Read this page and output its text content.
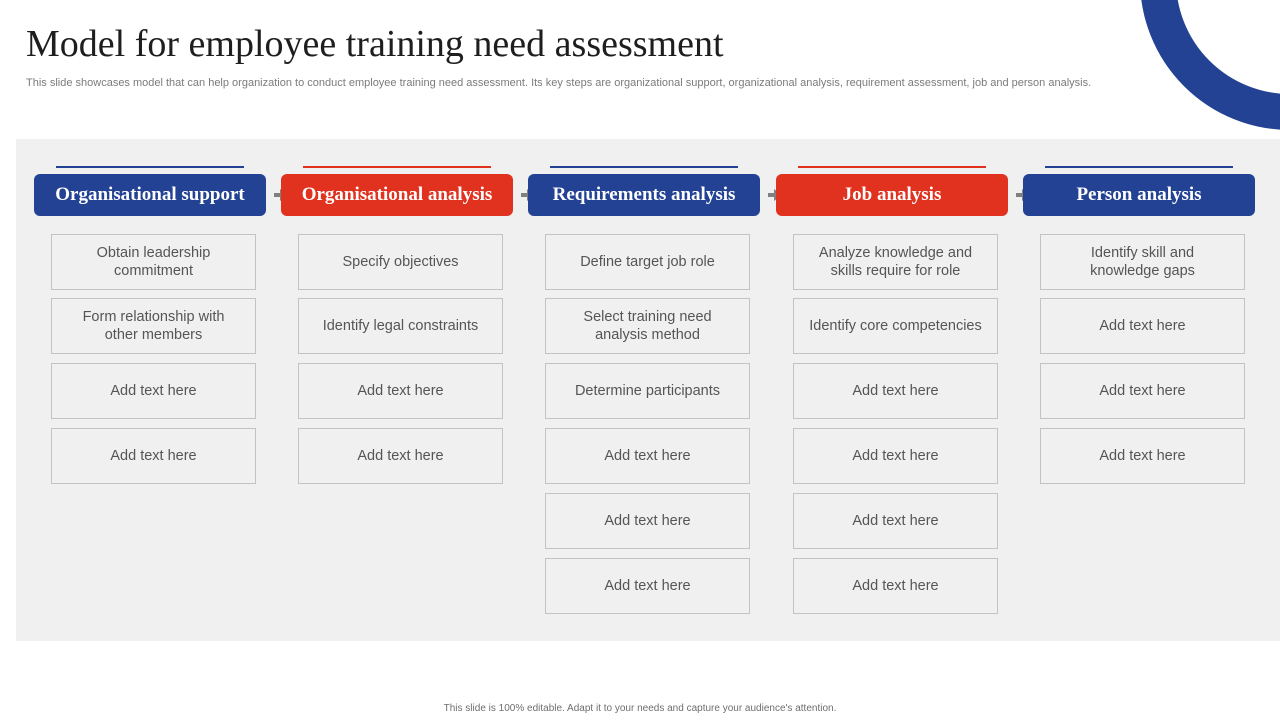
Model for employee training need assessment

This slide showcases model that can help organization to conduct employee training need assessment. Its key steps are organizational support, organizational analysis, requirement assessment, job and person analysis.

Organisational support
Obtain leadership commitment
Form relationship with other members
Add text here
Add text here
Organisational analysis
Specify objectives
Identify legal constraints
Add text here
Add text here
Requirements analysis
Define target job role
Select training need analysis method
Determine participants
Add text here
Add text here
Add text here
Job analysis
Analyze knowledge and skills require for role
Identify core competencies
Add text here
Add text here
Add text here
Add text here
Person analysis
Identify skill and knowledge gaps
Add text here
Add text here
Add text here

This slide is 100% editable. Adapt it to your needs and capture your audience's attention.
